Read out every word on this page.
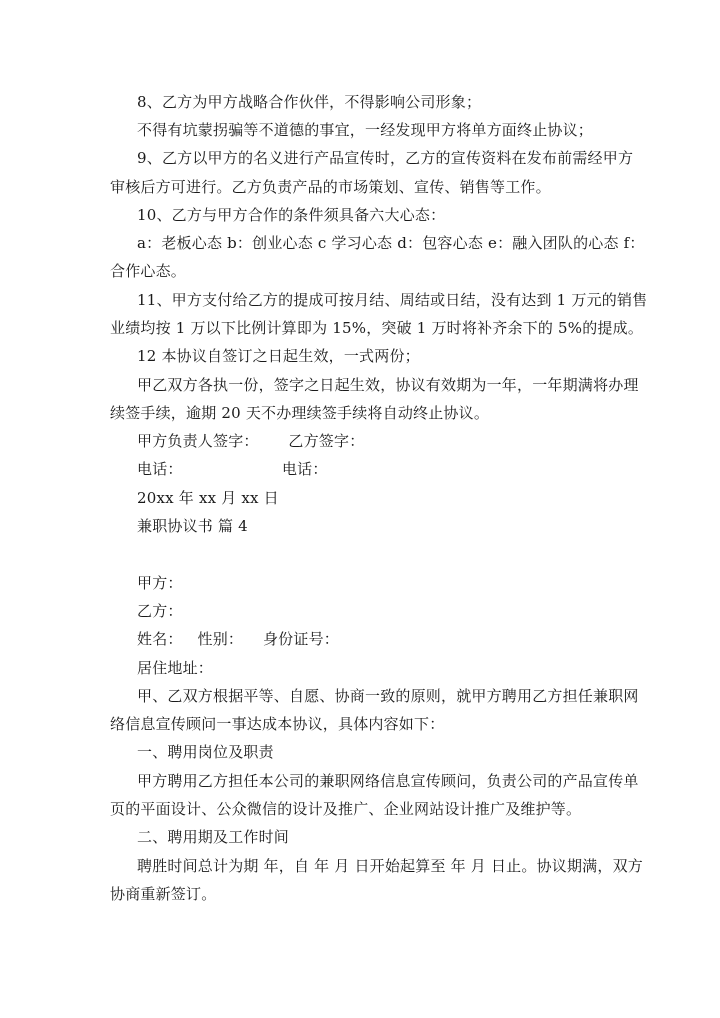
8、乙方为甲方战略合作伙伴，不得影响公司形象；
不得有坑蒙拐骗等不道德的事宜，一经发现甲方将单方面终止协议；
9、乙方以甲方的名义进行产品宣传时，乙方的宣传资料在发布前需经甲方
审核后方可进行。乙方负责产品的市场策划、宣传、销售等工作。
10、乙方与甲方合作的条件须具备六大心态：
a：老板心态 b：创业心态 c 学习心态 d：包容心态 e：融入团队的心态 f：
合作心态。
11、甲方支付给乙方的提成可按月结、周结或日结，没有达到 1 万元的销售
业绩均按 1 万以下比例计算即为 15%，突破 1 万时将补齐余下的 5%的提成。
12 本协议自签订之日起生效，一式两份；
甲乙双方各执一份，签字之日起生效，协议有效期为一年，一年期满将办理
续签手续，逾期 20 天不办理续签手续将自动终止协议。
甲方负责人签字：      乙方签字：
电话：                    电话：
20xx 年 xx 月 xx 日
兼职协议书 篇 4
甲方：
乙方：
姓名：   性别：    身份证号：
居住地址：
甲、乙双方根据平等、自愿、协商一致的原则，就甲方聘用乙方担任兼职网
络信息宣传顾问一事达成本协议，具体内容如下：
一、聘用岗位及职责
甲方聘用乙方担任本公司的兼职网络信息宣传顾问，负责公司的产品宣传单
页的平面设计、公众微信的设计及推广、企业网站设计推广及维护等。
二、聘用期及工作时间
聘胜时间总计为期 年，自 年 月 日开始起算至 年 月 日止。协议期满，双方
协商重新签订。
